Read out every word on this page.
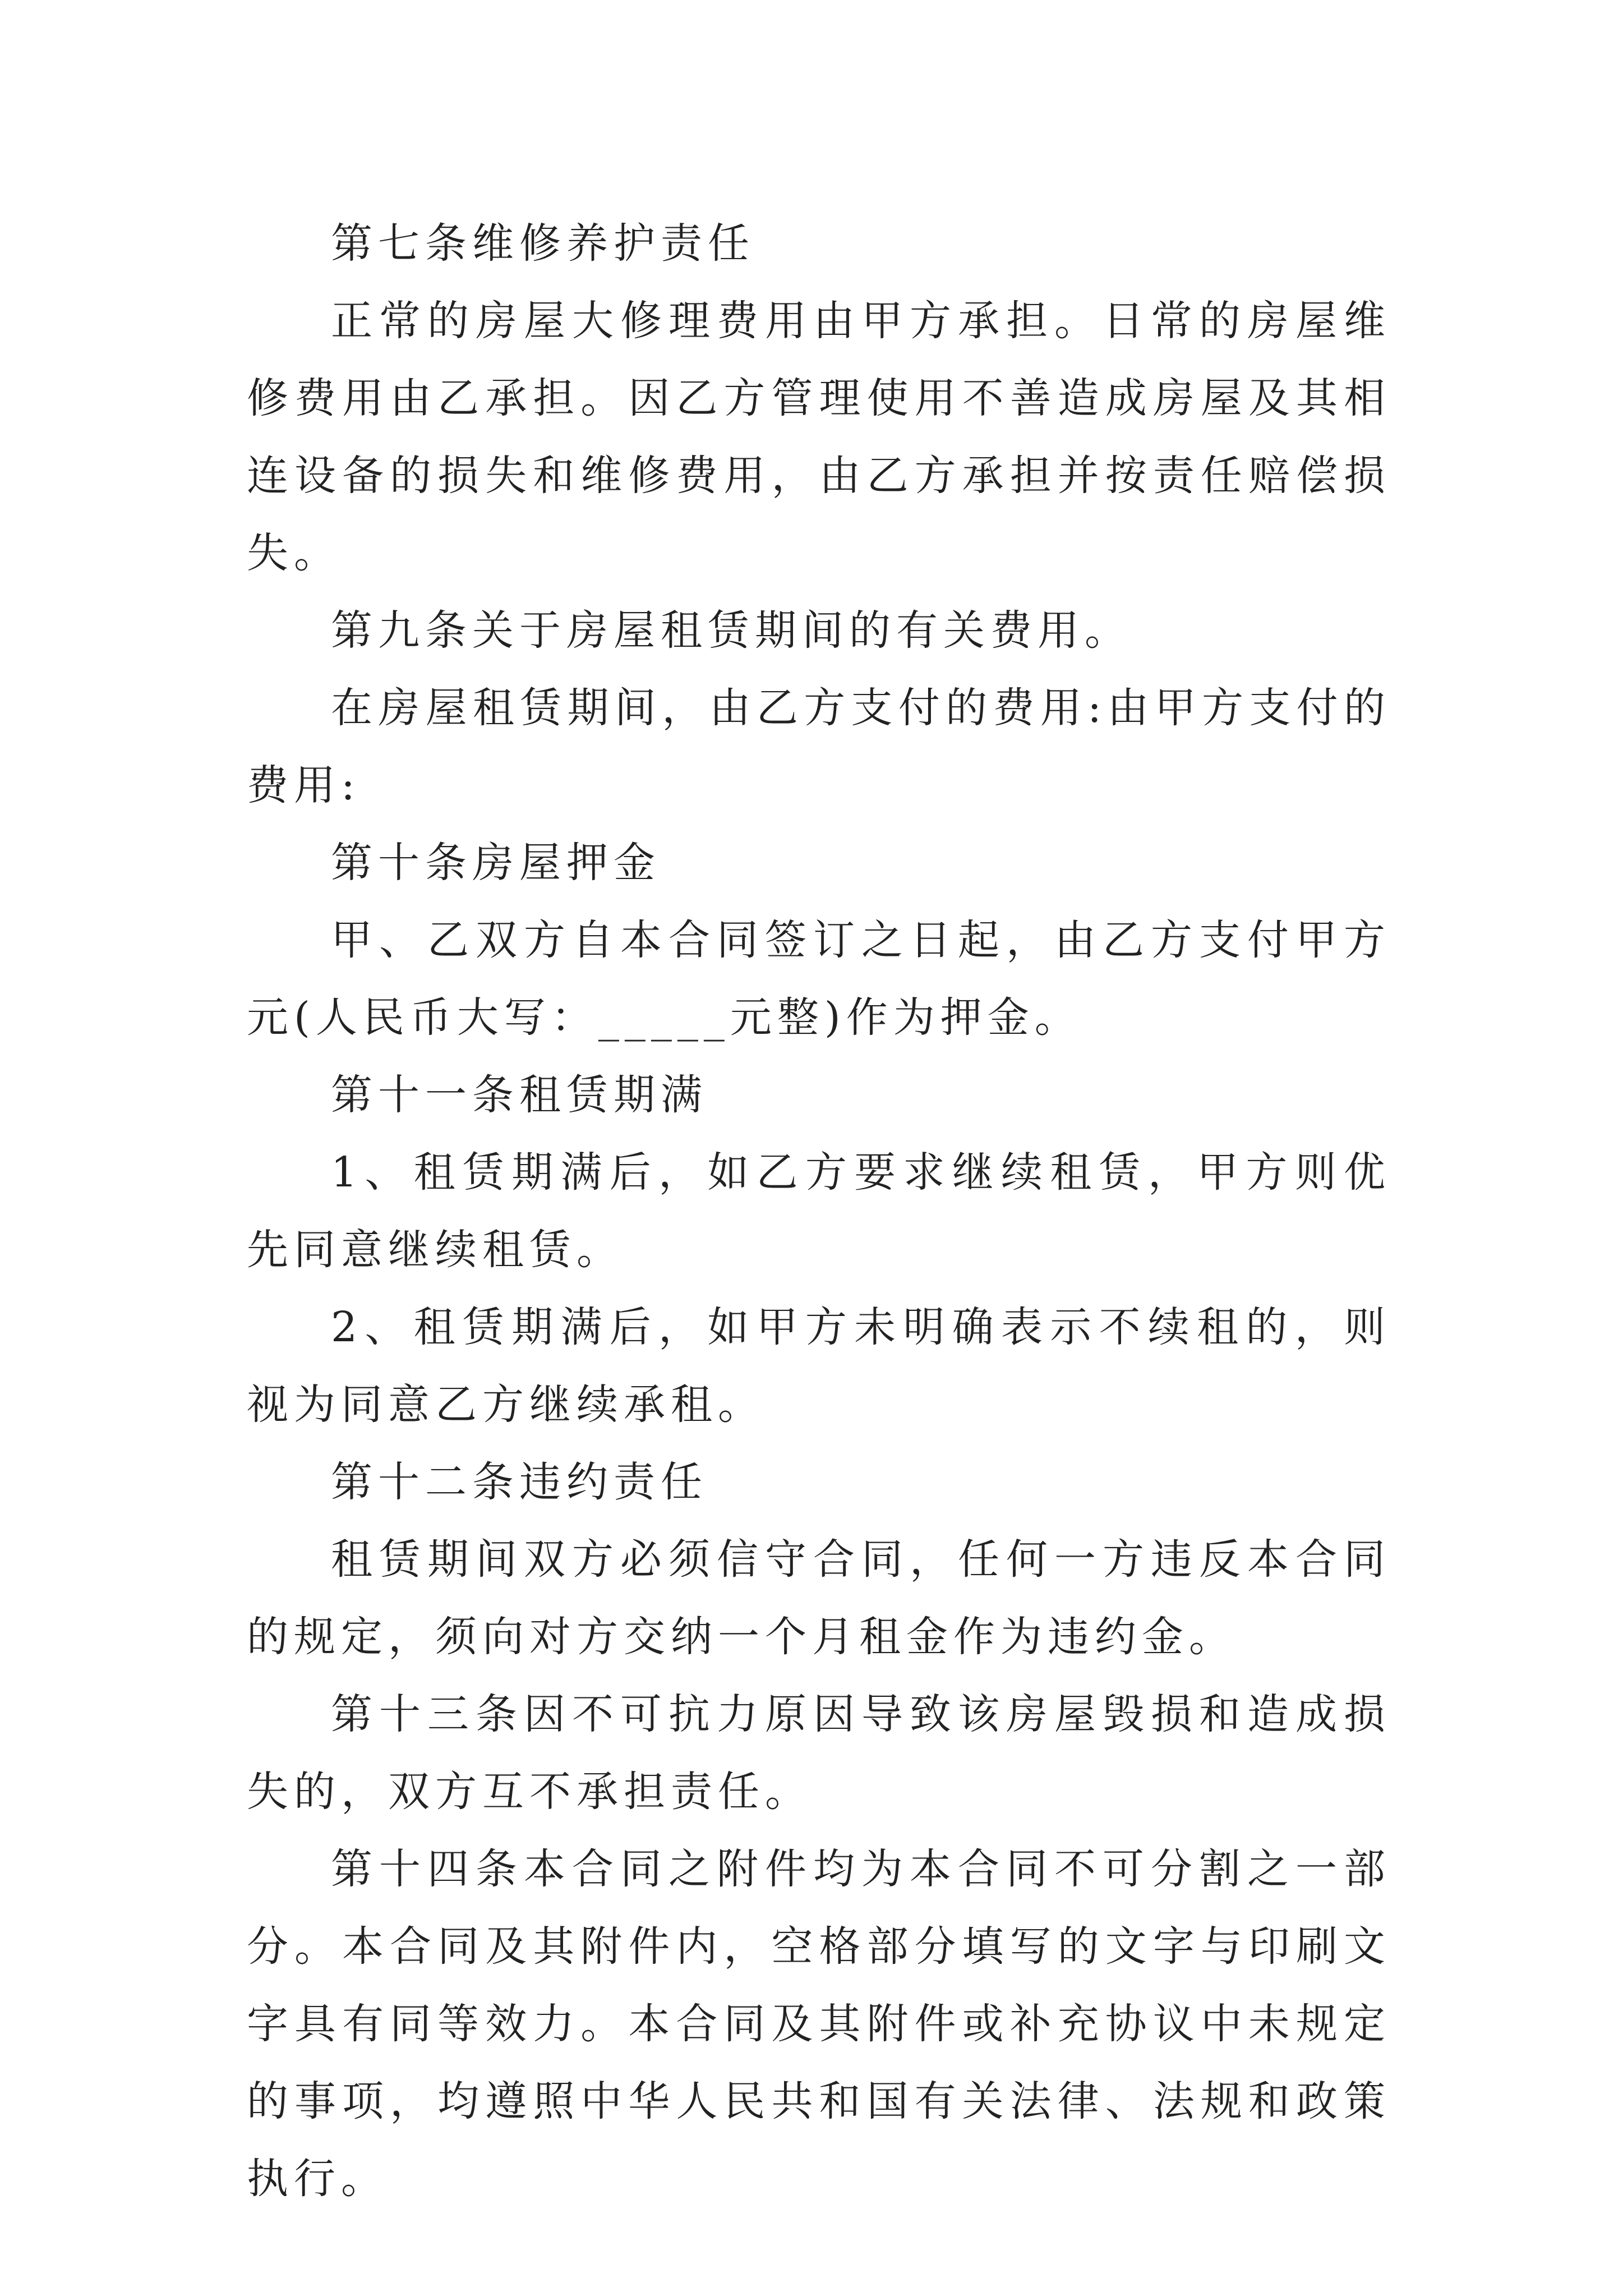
第七条维修养护责任

正常的房屋大修理费用由甲方承担。日常的房屋维修费用由乙承担。因乙方管理使用不善造成房屋及其相连设备的损失和维修费用，由乙方承担并按责任赔偿损失。

第九条关于房屋租赁期间的有关费用。

在房屋租赁期间，由乙方支付的费用:由甲方支付的费用:

第十条房屋押金

甲、乙双方自本合同签订之日起，由乙方支付甲方元(人民币大写：_____元整)作为押金。

第十一条租赁期满

1、租赁期满后，如乙方要求继续租赁，甲方则优先同意继续租赁。

2、租赁期满后，如甲方未明确表示不续租的，则视为同意乙方继续承租。

第十二条违约责任

租赁期间双方必须信守合同，任何一方违反本合同的规定，须向对方交纳一个月租金作为违约金。

第十三条因不可抗力原因导致该房屋毁损和造成损失的，双方互不承担责任。

第十四条本合同之附件均为本合同不可分割之一部分。本合同及其附件内，空格部分填写的文字与印刷文字具有同等效力。本合同及其附件或补充协议中未规定的事项，均遵照中华人民共和国有关法律、法规和政策执行。
